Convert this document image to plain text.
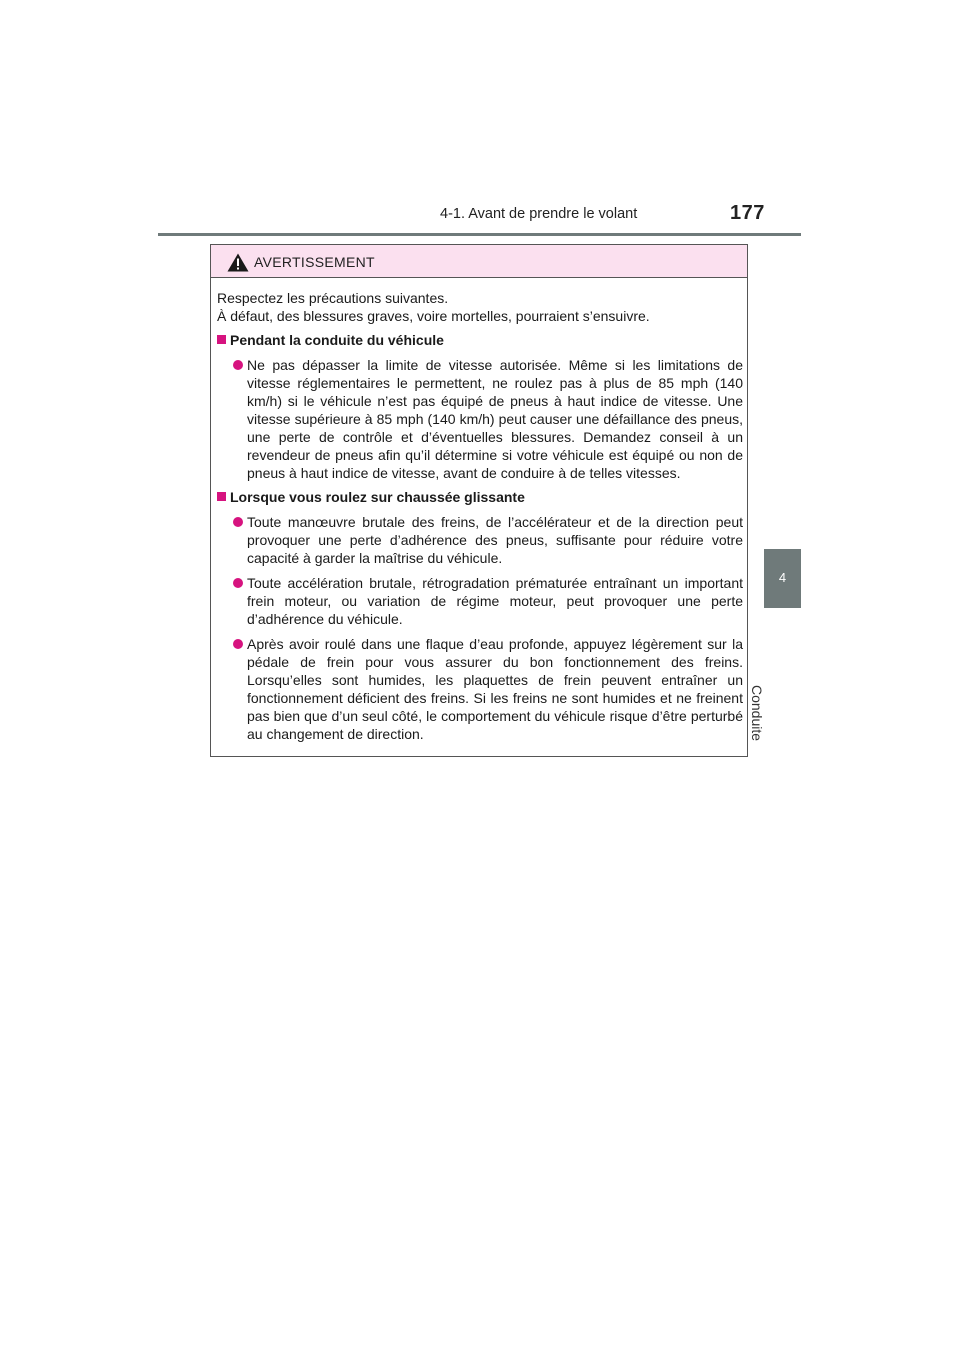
4-1. Avant de prendre le volant	177
4
Conduite
AVERTISSEMENT

Respectez les précautions suivantes.

À défaut, des blessures graves, voire mortelles, pourraient s’ensuivre.

Pendant la conduite du véhicule
Ne pas dépasser la limite de vitesse autorisée. Même si les limitations de vitesse réglementaires le permettent, ne roulez pas à plus de 85 mph (140 km/h) si le véhicule n’est pas équipé de pneus à haut indice de vitesse. Une vitesse supérieure à 85 mph (140 km/h) peut causer une défaillance des pneus, une perte de contrôle et d’éventuelles blessures. Demandez conseil à un revendeur de pneus afin qu’il détermine si votre véhicule est équipé ou non de pneus à haut indice de vitesse, avant de conduire à de telles vitesses.
Lorsque vous roulez sur chaussée glissante
Toute manœuvre brutale des freins, de l’accélérateur et de la direction peut provoquer une perte d’adhérence des pneus, suffisante pour réduire votre capacité à garder la maîtrise du véhicule.
Toute accélération brutale, rétrogradation prématurée entraînant un important frein moteur, ou variation de régime moteur, peut provoquer une perte d’adhérence du véhicule.
Après avoir roulé dans une flaque d’eau profonde, appuyez légèrement sur la pédale de frein pour vous assurer du bon fonctionnement des freins. Lorsqu’elles sont humides, les plaquettes de frein peuvent entraîner un fonctionnement déficient des freins. Si les freins ne sont humides et ne freinent pas bien que d’un seul côté, le comportement du véhicule risque d’être perturbé au changement de direction.
